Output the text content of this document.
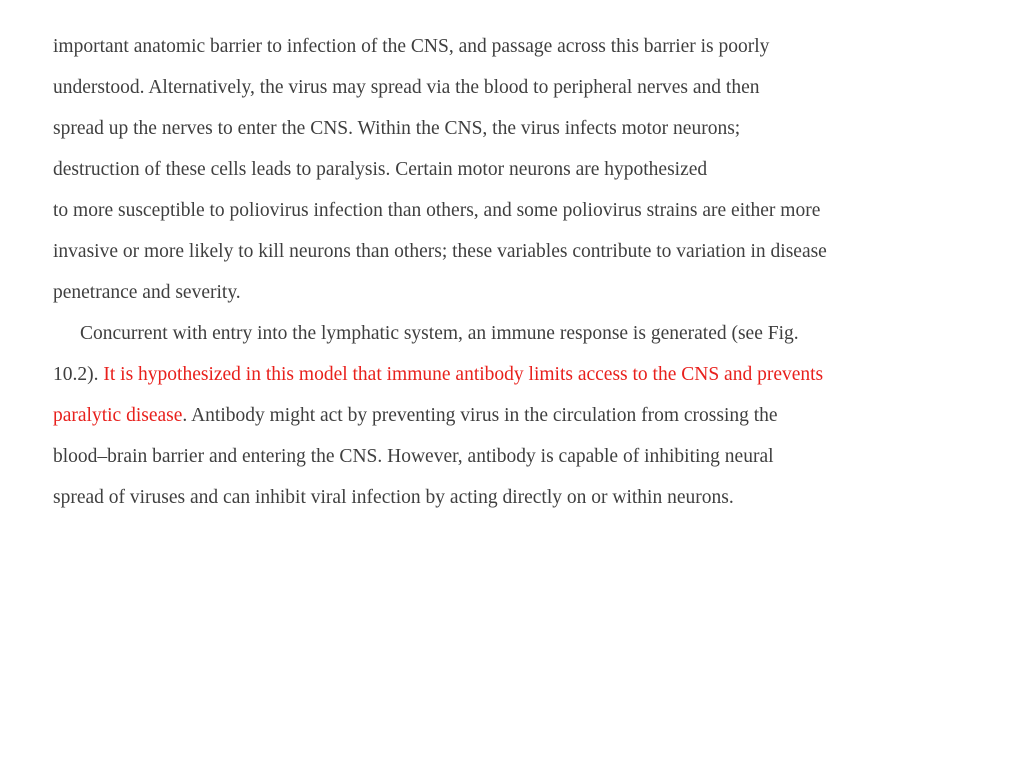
important anatomic barrier to infection of the CNS, and passage across this barrier is poorly
understood. Alternatively, the virus may spread via the blood to peripheral nerves and then
spread up the nerves to enter the CNS. Within the CNS, the virus infects motor neurons;
destruction of these cells leads to paralysis. Certain motor neurons are hypothesized
to more susceptible to poliovirus infection than others, and some poliovirus strains are either more
invasive or more likely to kill neurons than others; these variables contribute to variation in disease
penetrance and severity.
Concurrent with entry into the lymphatic system, an immune response is generated (see Fig.
10.2). It is hypothesized in this model that immune antibody limits access to the CNS and prevents
paralytic disease. Antibody might act by preventing virus in the circulation from crossing the
blood–brain barrier and entering the CNS. However, antibody is capable of inhibiting neural
spread of viruses and can inhibit viral infection by acting directly on or within neurons.
